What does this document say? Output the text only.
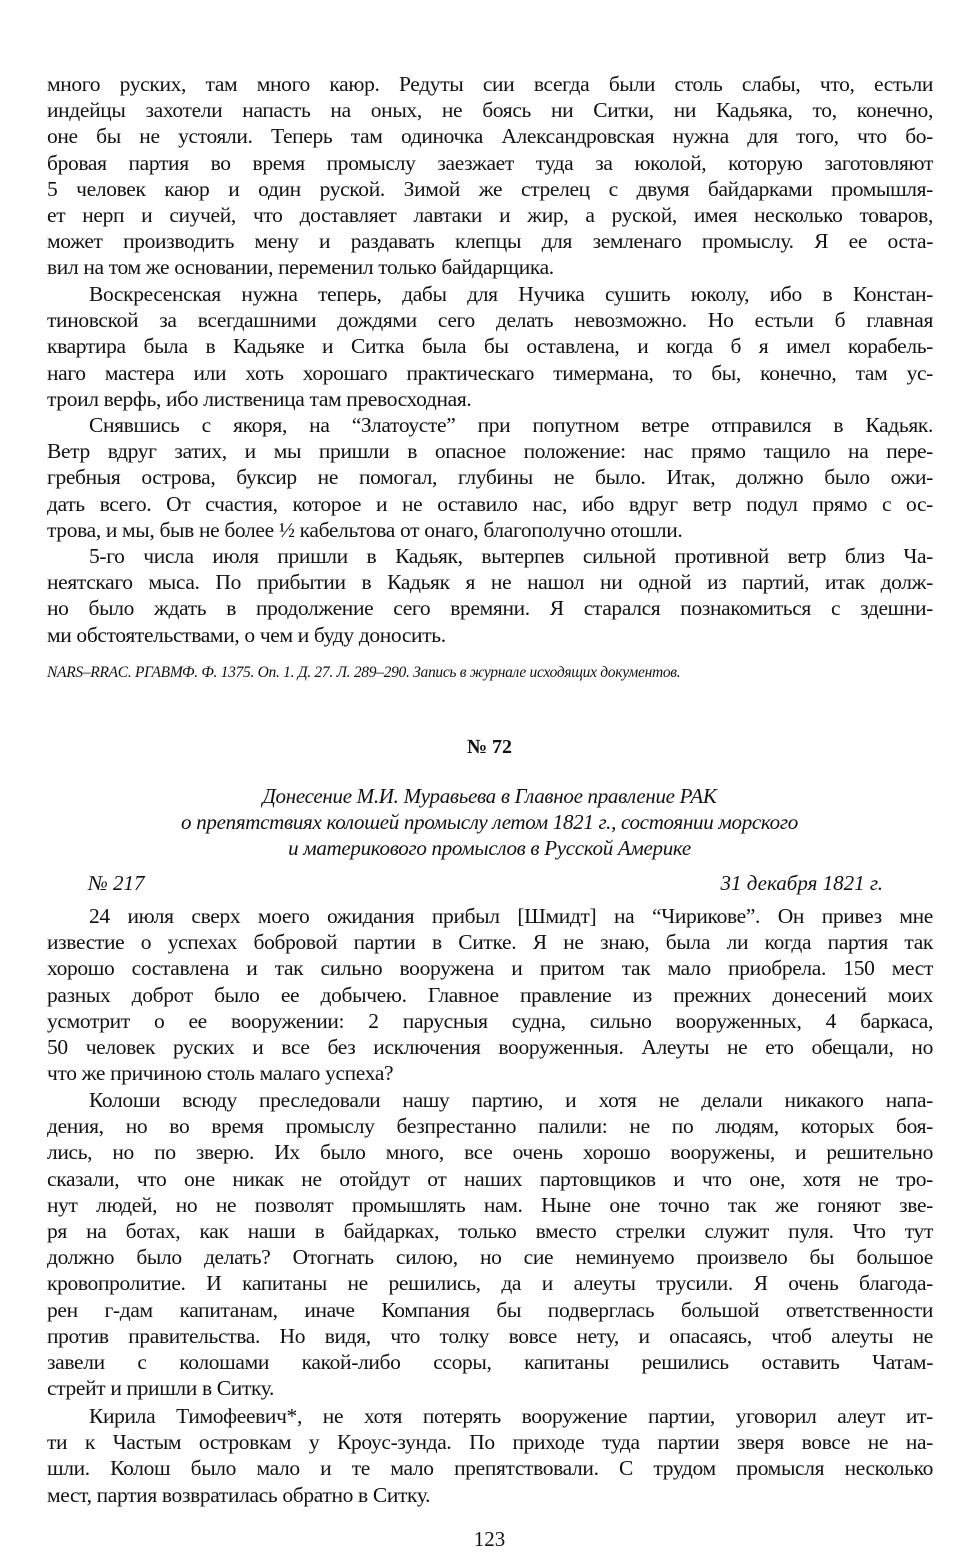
много руских, там много каюр. Редуты сии всегда были столь слабы, что, естьли
индейцы захотели напасть на оных, не боясь ни Ситки, ни Кадьяка, то, конечно,
оне бы не устояли. Теперь там одиночка Александровская нужна для того, что бо-
бровая партия во время промыслу заезжает туда за юколой, которую заготовляют
5 человек каюр и один руской. Зимой же стрелец с двумя байдарками промышля-
ет нерп и сиучей, что доставляет лавтаки и жир, а руской, имея несколько товаров,
может производить мену и раздавать клепцы для земленаго промыслу. Я ее оста-
вил на том же основании, переменил только байдарщика.
Воскресенская нужна теперь, дабы для Нучика сушить юколу, ибо в Констан-
тиновской за всегдашними дождями сего делать невозможно. Но естьли б главная
квартира была в Кадьяке и Ситка была бы оставлена, и когда б я имел корабель-
наго мастера или хоть хорошаго практическаго тимермана, то бы, конечно, там ус-
троил верфь, ибо лиственица там превосходная.
Снявшись с якоря, на “Златоусте” при попутном ветре отправился в Кадьяк.
Ветр вдруг затих, и мы пришли в опасное положение: нас прямо тащило на пере-
гребныя острова, буксир не помогал, глубины не было. Итак, должно было ожи-
дать всего. От счастия, которое и не оставило нас, ибо вдруг ветр подул прямо с ос-
трова, и мы, быв не более ½ кабельтова от онаго, благополучно отошли.
5-го числа июля пришли в Кадьяк, вытерпев сильной противной ветр близ Ча-
неятскаго мыса. По прибытии в Кадьяк я не нашол ни одной из партий, итак долж-
но было ждать в продолжение сего времяни. Я старался познакомиться с здешни-
ми обстоятельствами, о чем и буду доносить.
NARS–RRAC. РГАВМФ. Ф. 1375. Оп. 1. Д. 27. Л. 289–290. Запись в журнале исходящих документов.
№ 72
Донесение М.И. Муравьева в Главное правление РАК
о препятствиях колошей промыслу летом 1821 г., состоянии морского
и материкового промыслов в Русской Америке
№ 217	31 декабря 1821 г.
24 июля сверх моего ожидания прибыл [Шмидт] на “Чирикове”. Он привез мне
известие о успехах бобровой партии в Ситке. Я не знаю, была ли когда партия так
хорошо составлена и так сильно вооружена и притом так мало приобрела. 150 мест
разных доброт было ее добычею. Главное правление из прежних донесений моих
усмотрит о ее вооружении: 2 парусныя судна, сильно вооруженных, 4 баркаса,
50 человек руских и все без исключения вооруженныя. Алеуты не ето обещали, но
что же причиною столь малаго успеха?
Колоши всюду преследовали нашу партию, и хотя не делали никакого напа-
дения, но во время промыслу безпрестанно палили: не по людям, которых боя-
лись, но по зверю. Их было много, все очень хорошо вооружены, и решительно
сказали, что оне никак не отойдут от наших партовщиков и что оне, хотя не тро-
нут людей, но не позволят промышлять нам. Ныне оне точно так же гоняют зве-
ря на ботах, как наши в байдарках, только вместо стрелки служит пуля. Что тут
должно было делать? Отогнать силою, но сие неминуемо произвело бы большое
кровопролитие. И капитаны не решились, да и алеуты трусили. Я очень благода-
рен г-дам капитанам, иначе Компания бы подверглась большой ответственности
против правительства. Но видя, что толку вовсе нету, и опасаясь, чтоб алеуты не
завели с колошами какой-либо ссоры, капитаны решились оставить Чатам-
стрейт и пришли в Ситку.
Кирила Тимофеевич*, не хотя потерять вооружение партии, уговорил алеут ит-
ти к Частым островкам у Кроус-зунда. По приходе туда партии зверя вовсе не на-
шли. Колош было мало и те мало препятствовали. С трудом промысля несколько
мест, партия возвратилась обратно в Ситку.
123
